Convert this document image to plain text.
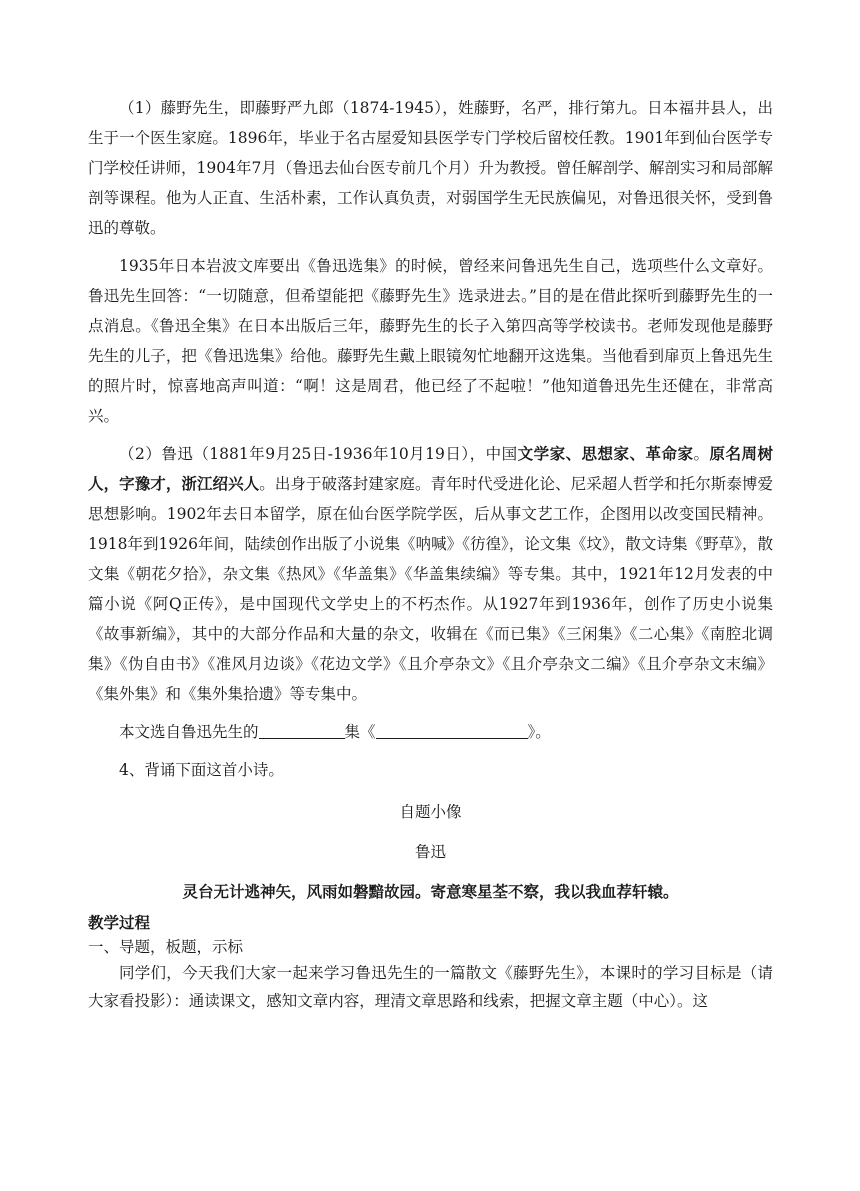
（1）藤野先生，即藤野严九郎（1874-1945），姓藤野，名严，排行第九。日本福井县人，出生于一个医生家庭。1896年，毕业于名古屋爱知县医学专门学校后留校任教。1901年到仙台医学专门学校任讲师，1904年7月（鲁迅去仙台医专前几个月）升为教授。曾任解剖学、解剖实习和局部解剖等课程。他为人正直、生活朴素，工作认真负责，对弱国学生无民族偏见，对鲁迅很关怀，受到鲁迅的尊敬。

1935年日本岩波文库要出《鲁迅选集》的时候，曾经来问鲁迅先生自己，选项些什么文章好。鲁迅先生回答：“一切随意，但希望能把《藤野先生》选录进去。”目的是在借此探听到藤野先生的一点消息。《鲁迅全集》在日本出版后三年，藤野先生的长子入第四高等学校读书。老师发现他是藤野先生的儿子，把《鲁迅选集》给他。藤野先生戴上眼镜匆忙地翻开这选集。当他看到扉页上鲁迅先生的照片时，惊喜地高声叫道：“啊！这是周君，他已经了不起啦！”他知道鲁迅先生还健在，非常高兴。

（2）鲁迅（1881年9月25日-1936年10月19日），中国文学家、思想家、革命家。原名周树人，字豫才，浙江绍兴人。出身于破落封建家庭。青年时代受进化论、尼采超人哲学和托尔斯泰博爱思想影响。1902年去日本留学，原在仙台医学院学医，后从事文艺工作，企图用以改变国民精神。1918年到1926年间，陆续创作出版了小说集《呐喊》《彷徨》，论文集《坟》，散文诗集《野草》，散文集《朝花夕拾》，杂文集《热风》《华盖集》《华盖集续编》等专集。其中，1921年12月发表的中篇小说《阿Q正传》，是中国现代文学史上的不朽杰作。从1927年到1936年，创作了历史小说集《故事新编》，其中的大部分作品和大量的杂文，收辑在《而已集》《三闲集》《二心集》《南腔北调集》《伪自由书》《准风月边谈》《花边文学》《且介亭杂文》《且介亭杂文二编》《且介亭杂文末编》《集外集》和《集外集拾遗》等专集中。

本文选自鲁迅先生的	集《	》。

4、背诵下面这首小诗。

自题小像

鲁迅

灵台无计逃神矢，风雨如磐黯故园。寄意寒星荃不察，我以我血荐轩辕。

教学过程

一、导题，板题，示标

同学们，今天我们大家一起来学习鲁迅先生的一篇散文《藤野先生》，本课时的学习目标是（请大家看投影）：通读课文，感知文章内容，理清文章思路和线索，把握文章主题（中心）。这
